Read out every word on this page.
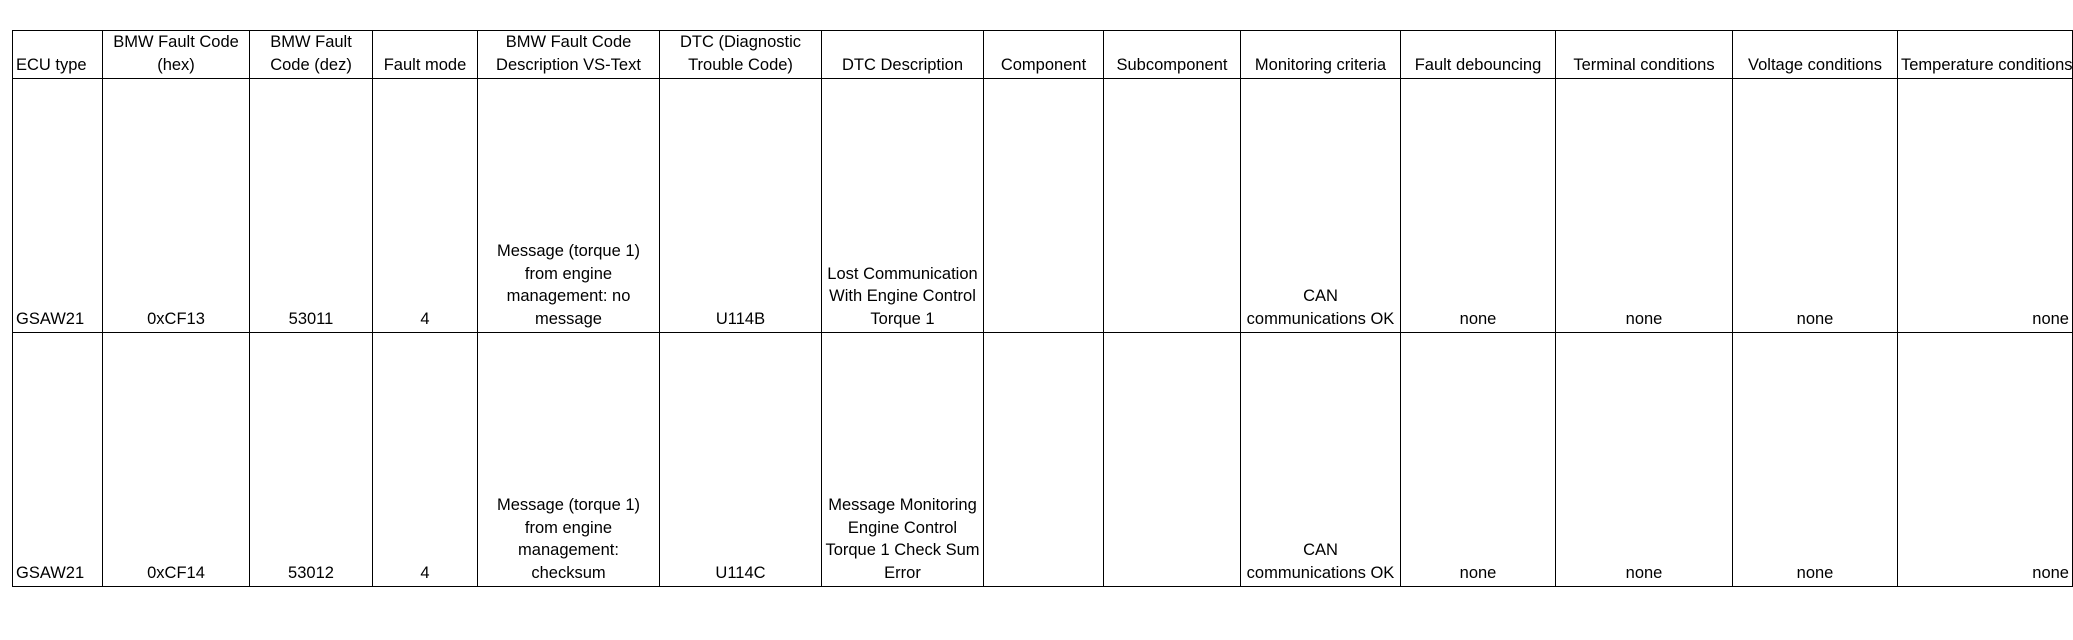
ECU type	BMW Fault Code (hex)	BMW Fault Code (dez)	Fault mode	BMW Fault Code Description VS-Text	DTC (Diagnostic Trouble Code)	DTC Description	Component	Subcomponent	Monitoring criteria	Fault debouncing	Terminal conditions	Voltage conditions	Temperature conditions
GSAW21	0xCF13	53011	4	Message (torque 1) from engine management: no message	U114B	Lost Communication With Engine Control Torque 1			CAN communications OK	none	none	none	none
GSAW21	0xCF14	53012	4	Message (torque 1) from engine management: checksum	U114C	Message Monitoring Engine Control Torque 1 Check Sum Error			CAN communications OK	none	none	none	none
